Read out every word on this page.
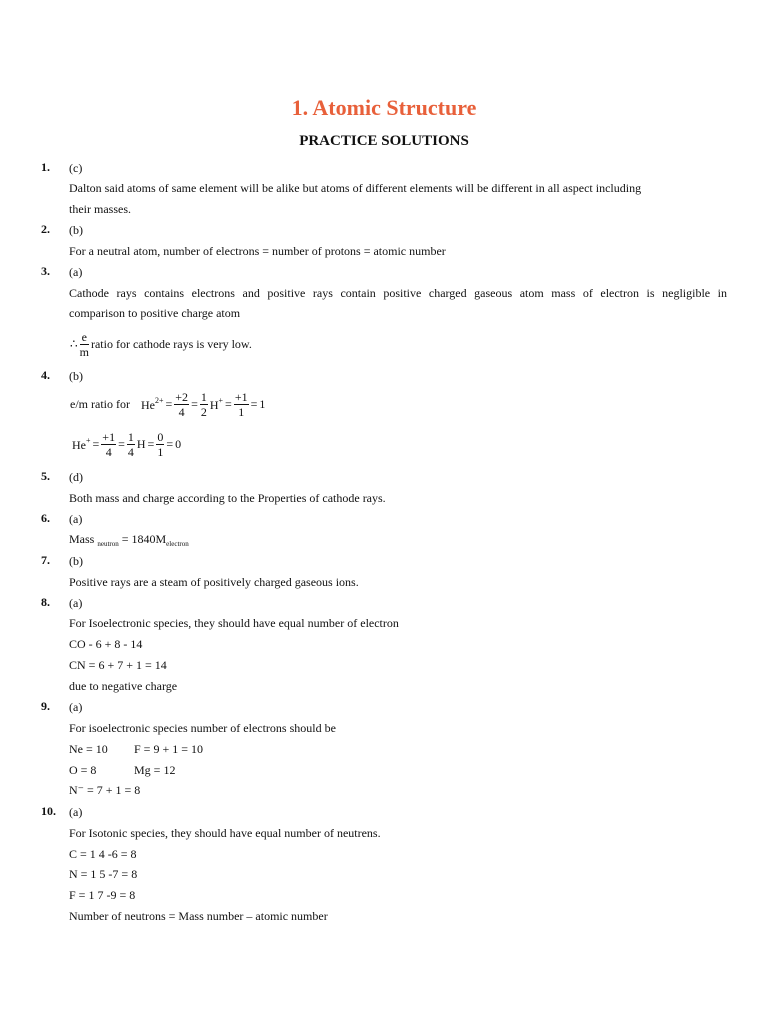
1. Atomic Structure
PRACTICE SOLUTIONS
1. (c)
Dalton said atoms of same element will be alike but atoms of different elements will be different in all aspect including
their masses.
2. (b)
For a neutral atom, number of electrons = number of protons = atomic number
3. (a)
Cathode rays contains electrons and positive rays contain positive charged gaseous atom mass of electron is negligible in
comparison to positive charge atom
∴ $\frac{e}{m}$ ratio for cathode rays is very low.
4. (b)
e/m ratio for $He^{2+} = \frac{+2}{4} = \frac{1}{2} H^+ = \frac{+1}{1} = 1$
$He^+ = \frac{+1}{4} = \frac{1}{4}$ $H = \frac{0}{1} = 0$
5. (d)
Both mass and charge according to the Properties of cathode rays.
6. (a)
Mass $_{neutron} = 1840M_{electron}$
7. (b)
Positive rays are a steam of positively charged gaseous ions.
8. (a)
For Isoelectronic species, they should have equal number of electron
CO - 6 + 8 - 14
CN = 6 + 7 + 1 = 14
due to negative charge
9. (a)
For isoelectronic species number of electrons should be
Ne = 10 F = 9 + 1 = 10
O = 8	Mg = 12
N⁻ = 7 + 1 = 8
10. (a)
For Isotonic species, they should have equal number of neutrens.
C = 1 4 -6 = 8
N = 1 5 -7 = 8
F = 1 7 -9 = 8
Number of neutrons = Mass number – atomic number
